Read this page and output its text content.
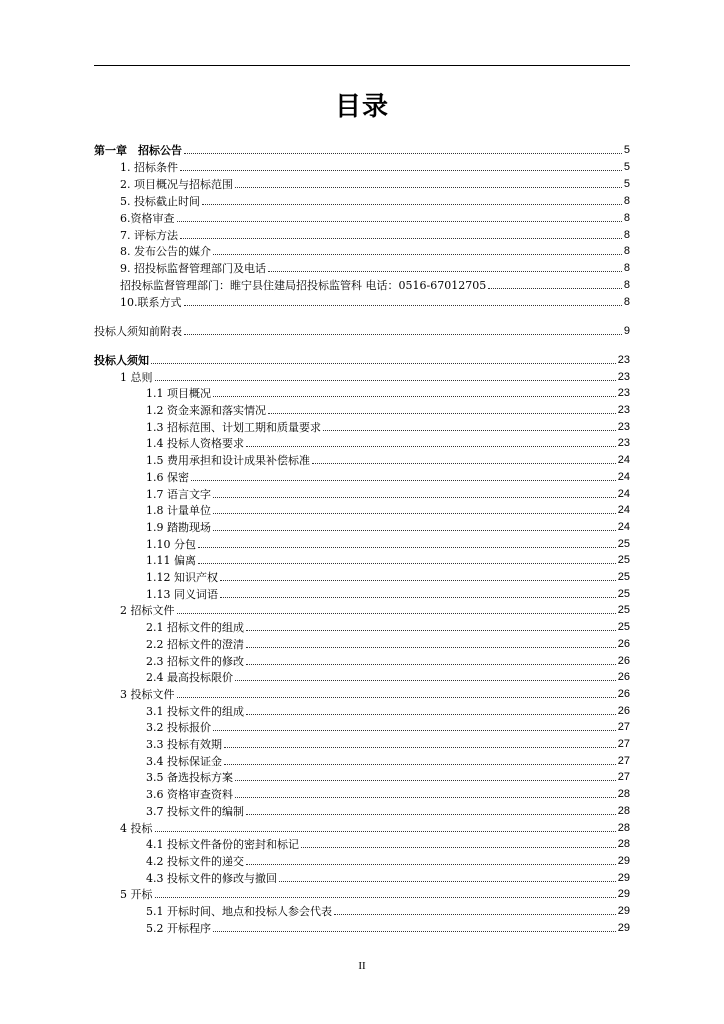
目录
第一章　招标公告	5
1. 招标条件	5
2. 项目概况与招标范围	5
5. 投标截止时间	8
6.资格审查	8
7. 评标方法	8
8. 发布公告的媒介	8
9. 招投标监督管理部门及电话	8
招投标监督管理部门：睢宁县住建局招投标监管科 电话：0516-67012705	8
10.联系方式	8
投标人须知前附表	9
投标人须知	23
1 总则	23
1.1 项目概况	23
1.2 资金来源和落实情况	23
1.3 招标范围、计划工期和质量要求	23
1.4 投标人资格要求	23
1.5 费用承担和设计成果补偿标准	24
1.6 保密	24
1.7 语言文字	24
1.8 计量单位	24
1.9 踏勘现场	24
1.10 分包	25
1.11 偏离	25
1.12 知识产权	25
1.13 同义词语	25
2 招标文件	25
2.1 招标文件的组成	25
2.2 招标文件的澄清	26
2.3 招标文件的修改	26
2.4 最高投标限价	26
3 投标文件	26
3.1 投标文件的组成	26
3.2 投标报价	27
3.3 投标有效期	27
3.4 投标保证金	27
3.5 备选投标方案	27
3.6 资格审查资料	28
3.7 投标文件的编制	28
4 投标	28
4.1 投标文件备份的密封和标记	28
4.2 投标文件的递交	29
4.3 投标文件的修改与撤回	29
5 开标	29
5.1 开标时间、地点和投标人参会代表	29
5.2 开标程序	29
II
